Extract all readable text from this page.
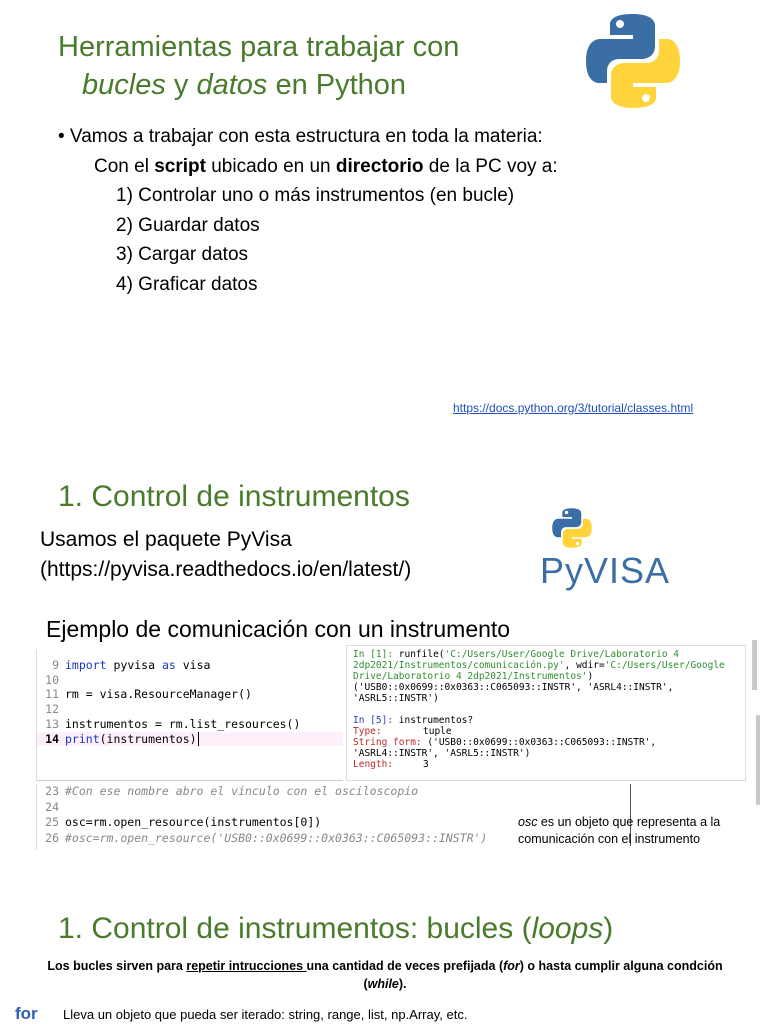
Herramientas para trabajar con
bucles y datos en Python
• Vamos a trabajar con esta estructura en toda la materia:
Con el script ubicado en un directorio de la PC voy a:
1) Controlar uno o más instrumentos (en bucle)
2) Guardar datos
3) Cargar datos
4) Graficar datos
https://docs.python.org/3/tutorial/classes.html
1. Control de instrumentos
Usamos el paquete PyVisa
(https://pyvisa.readthedocs.io/en/latest/)	PyVISA
Ejemplo de comunicación con un instrumento
9 import pyvisa as visa
10
11 rm = visa.ResourceManager()
12
13 instrumentos = rm.list_resources()
14 print(instrumentos)
In [1]: runfile('C:/Users/User/Google Drive/Laboratorio 4 2dp2021/Instrumentos/comunicación.py', wdir='C:/Users/User/Google Drive/Laboratorio 4 2dp2021/Instrumentos')
('USB0::0x0699::0x0363::C065093::INSTR', 'ASRL4::INSTR', 'ASRL5::INSTR')
In [5]: instrumentos?
Type:	tuple
String form: ('USB0::0x0699::0x0363::C065093::INSTR', 'ASRL4::INSTR', 'ASRL5::INSTR')
Length:	3
23 #Con ese nombre abro el vínculo con el osciloscopio
24
25 osc=rm.open_resource(instrumentos[0])
26 #osc=rm.open_resource('USB0::0x0699::0x0363::C065093::INSTR')
osc es un objeto que representa a la comunicación con el instrumento
1. Control de instrumentos: bucles (loops)
Los bucles sirven para repetir intrucciones una cantidad de veces prefijada (for) o hasta cumplir alguna condción (while).
for Lleva un objeto que pueda ser iterado: string, range, list, np.Array, etc.
